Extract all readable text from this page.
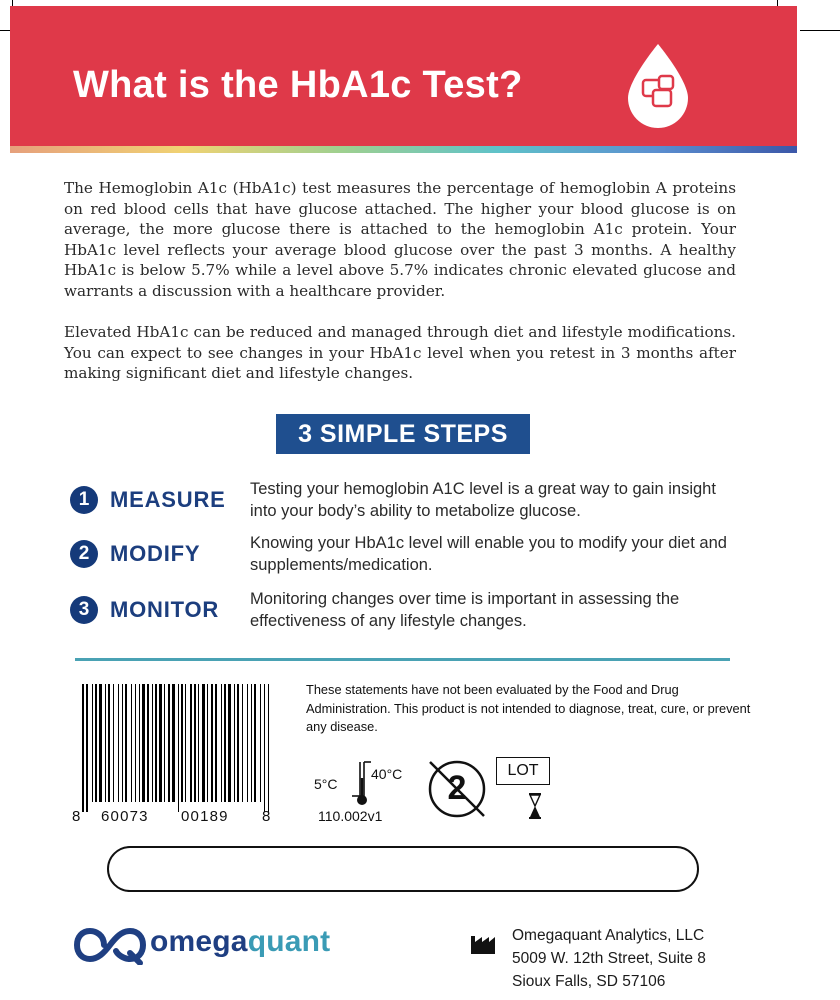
What is the HbA1c Test?

The Hemoglobin A1c (HbA1c) test measures the percentage of hemoglobin A proteins on red blood cells that have glucose attached. The higher your blood glucose is on average, the more glucose there is attached to the hemoglobin A1c protein. Your HbA1c level reflects your average blood glucose over the past 3 months. A healthy HbA1c is below 5.7% while a level above 5.7% indicates chronic elevated glucose and warrants a discussion with a healthcare provider.

Elevated HbA1c can be reduced and managed through diet and lifestyle modifications. You can expect to see changes in your HbA1c level when you retest in 3 months after making significant diet and lifestyle changes.

3 SIMPLE STEPS
1 MEASURE Testing your hemoglobin A1C level is a great way to gain insight into your body’s ability to metabolize glucose.
2 MODIFY	Knowing your HbA1c level will enable you to modify your diet and supplements/medication.
3 MONITOR Monitoring changes over time is important in assessing the effectiveness of any lifestyle changes.
8 60073 00189 8
These statements have not been evaluated by the Food and Drug Administration. This product is not intended to diagnose, treat, cure, or prevent any disease.
5°C
40°C	2	LOT
110.002v1
omegaquant	Omegaquant Analytics, LLC
5009 W. 12th Street, Suite 8
Sioux Falls, SD 57106
